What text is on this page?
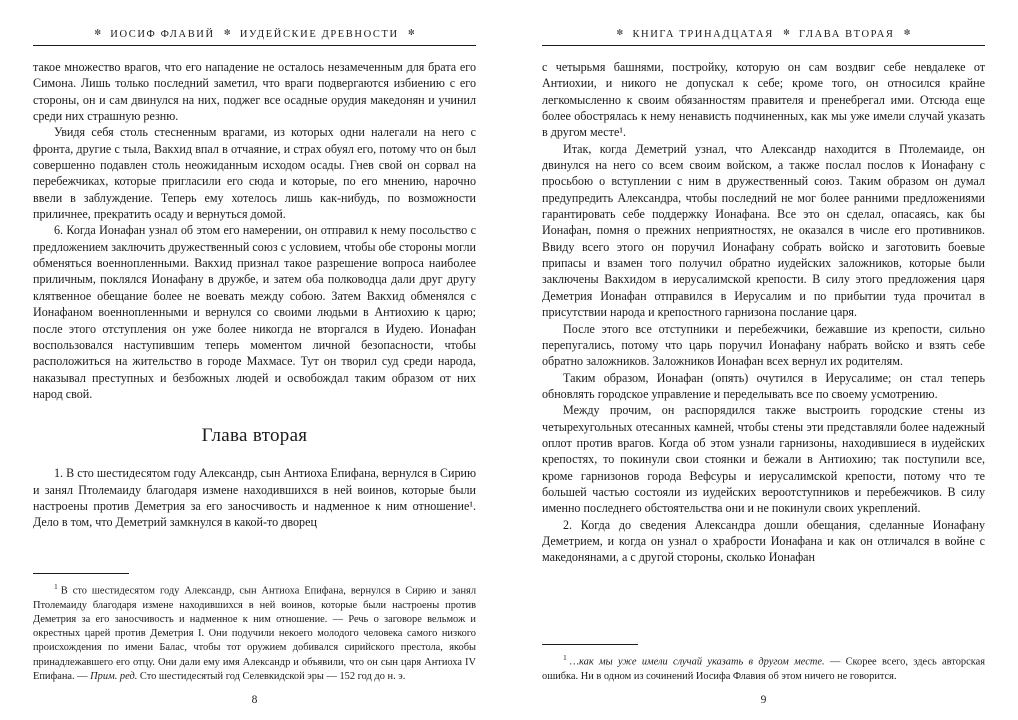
✼ ИОСИФ ФЛАВИЙ ✼ ИУДЕЙСКИЕ ДРЕВНОСТИ ✼

такое множество врагов, что его нападение не осталось незамеченным для брата его Симона. Лишь только последний заметил, что враги подвергаются избиению с его стороны, он и сам двинулся на них, поджег все осадные орудия македонян и учинил среди них страшную резню.

Увидя себя столь стесненным врагами, из которых одни налегали на него с фронта, другие с тыла, Вакхид впал в отчаяние, и страх обуял его, потому что он был совершенно подавлен столь неожиданным исходом осады. Гнев свой он сорвал на перебежчиках, которые пригласили его сюда и которые, по его мнению, нарочно ввели в заблуждение. Теперь ему хотелось лишь как-нибудь, по возможности приличнее, прекратить осаду и вернуться домой.

6. Когда Ионафан узнал об этом его намерении, он отправил к нему посольство с предложением заключить дружественный союз с условием, чтобы обе стороны могли обменяться военнопленными. Вакхид признал такое разрешение вопроса наиболее приличным, поклялся Ионафану в дружбе, и затем оба полководца дали друг другу клятвенное обещание более не воевать между собою. Затем Вакхид обменялся с Ионафаном военнопленными и вернулся со своими людьми в Антиохию к царю; после этого отступления он уже более никогда не вторгался в Иудею. Ионафан воспользовался наступившим теперь моментом личной безопасности, чтобы расположиться на жительство в городе Махмасе. Тут он творил суд среди народа, наказывал преступных и безбожных людей и освобождал таким образом от них народ свой.

Глава вторая

1. В сто шестидесятом году Александр, сын Антиоха Епифана, вернулся в Сирию и занял Птолемаиду благодаря измене находившихся в ней воинов, которые были настроены против Деметрия за его заносчивость и надменное к ним отношение¹. Дело в том, что Деметрий замкнулся в какой-то дворец

$^1$ В сто шестидесятом году Александр, сын Антиоха Епифана, вернулся в Сирию и занял Птолемаиду благодаря измене находившихся в ней воинов, которые были настроены против Деметрия за его заносчивость и надменное к ним отношение. — Речь о заговоре вельмож и окрестных царей против Деметрия I. Они подучили некоего молодого человека самого низкого происхождения по имени Балас, чтобы тот оружием добивался сирийского престола, якобы принадлежавшего его отцу. Они дали ему имя Александр и объявили, что он сын царя Антиоха IV Епифана. — Прим. ред. Сто шестидесятый год Селевкидской эры — 152 год до н. э.

8
✼ КНИГА ТРИНАДЦАТАЯ ✼ ГЛАВА ВТОРАЯ ✼

с четырьмя башнями, постройку, которую он сам воздвиг себе невдалеке от Антиохии, и никого не допускал к себе; кроме того, он относился крайне легкомысленно к своим обязанностям правителя и пренебрегал ими. Отсюда еще более обострялась к нему ненависть подчиненных, как мы уже имели случай указать в другом месте¹.

Итак, когда Деметрий узнал, что Александр находится в Птолемаиде, он двинулся на него со всем своим войском, а также послал послов к Ионафану с просьбою о вступлении с ним в дружественный союз. Таким образом он думал предупредить Александра, чтобы последний не мог более ранними предложениями гарантировать себе поддержку Ионафана. Все это он сделал, опасаясь, как бы Ионафан, помня о прежних неприятностях, не оказался в числе его противников. Ввиду всего этого он поручил Ионафану собрать войско и заготовить боевые припасы и взамен того получил обратно иудейских заложников, которые были заключены Вакхидом в иерусалимской крепости. В силу этого предложения царя Деметрия Ионафан отправился в Иерусалим и по прибытии туда прочитал в присутствии народа и крепостного гарнизона послание царя.

После этого все отступники и перебежчики, бежавшие из крепости, сильно перепугались, потому что царь поручил Ионафану набрать войско и взять себе обратно заложников. Заложников Ионафан всех вернул их родителям.

Таким образом, Ионафан (опять) очутился в Иерусалиме; он стал теперь обновлять городское управление и переделывать все по своему усмотрению.

Между прочим, он распорядился также выстроить городские стены из четырехугольных отесанных камней, чтобы стены эти представляли более надежный оплот против врагов. Когда об этом узнали гарнизоны, находившиеся в иудейских крепостях, то покинули свои стоянки и бежали в Антиохию; так поступили все, кроме гарнизонов города Вефсуры и иерусалимской крепости, потому что те большей частью состояли из иудейских вероотступников и перебежчиков. В силу именно последнего обстоятельства они и не покинули своих укреплений.

2. Когда до сведения Александра дошли обещания, сделанные Ионафану Деметрием, и когда он узнал о храбрости Ионафана и как он отличался в войне с македонянами, а с другой стороны, сколько Ионафан

$^1$ …как мы уже имели случай указать в другом месте. — Скорее всего, здесь авторская ошибка. Ни в одном из сочинений Иосифа Флавия об этом ничего не говорится.

9
